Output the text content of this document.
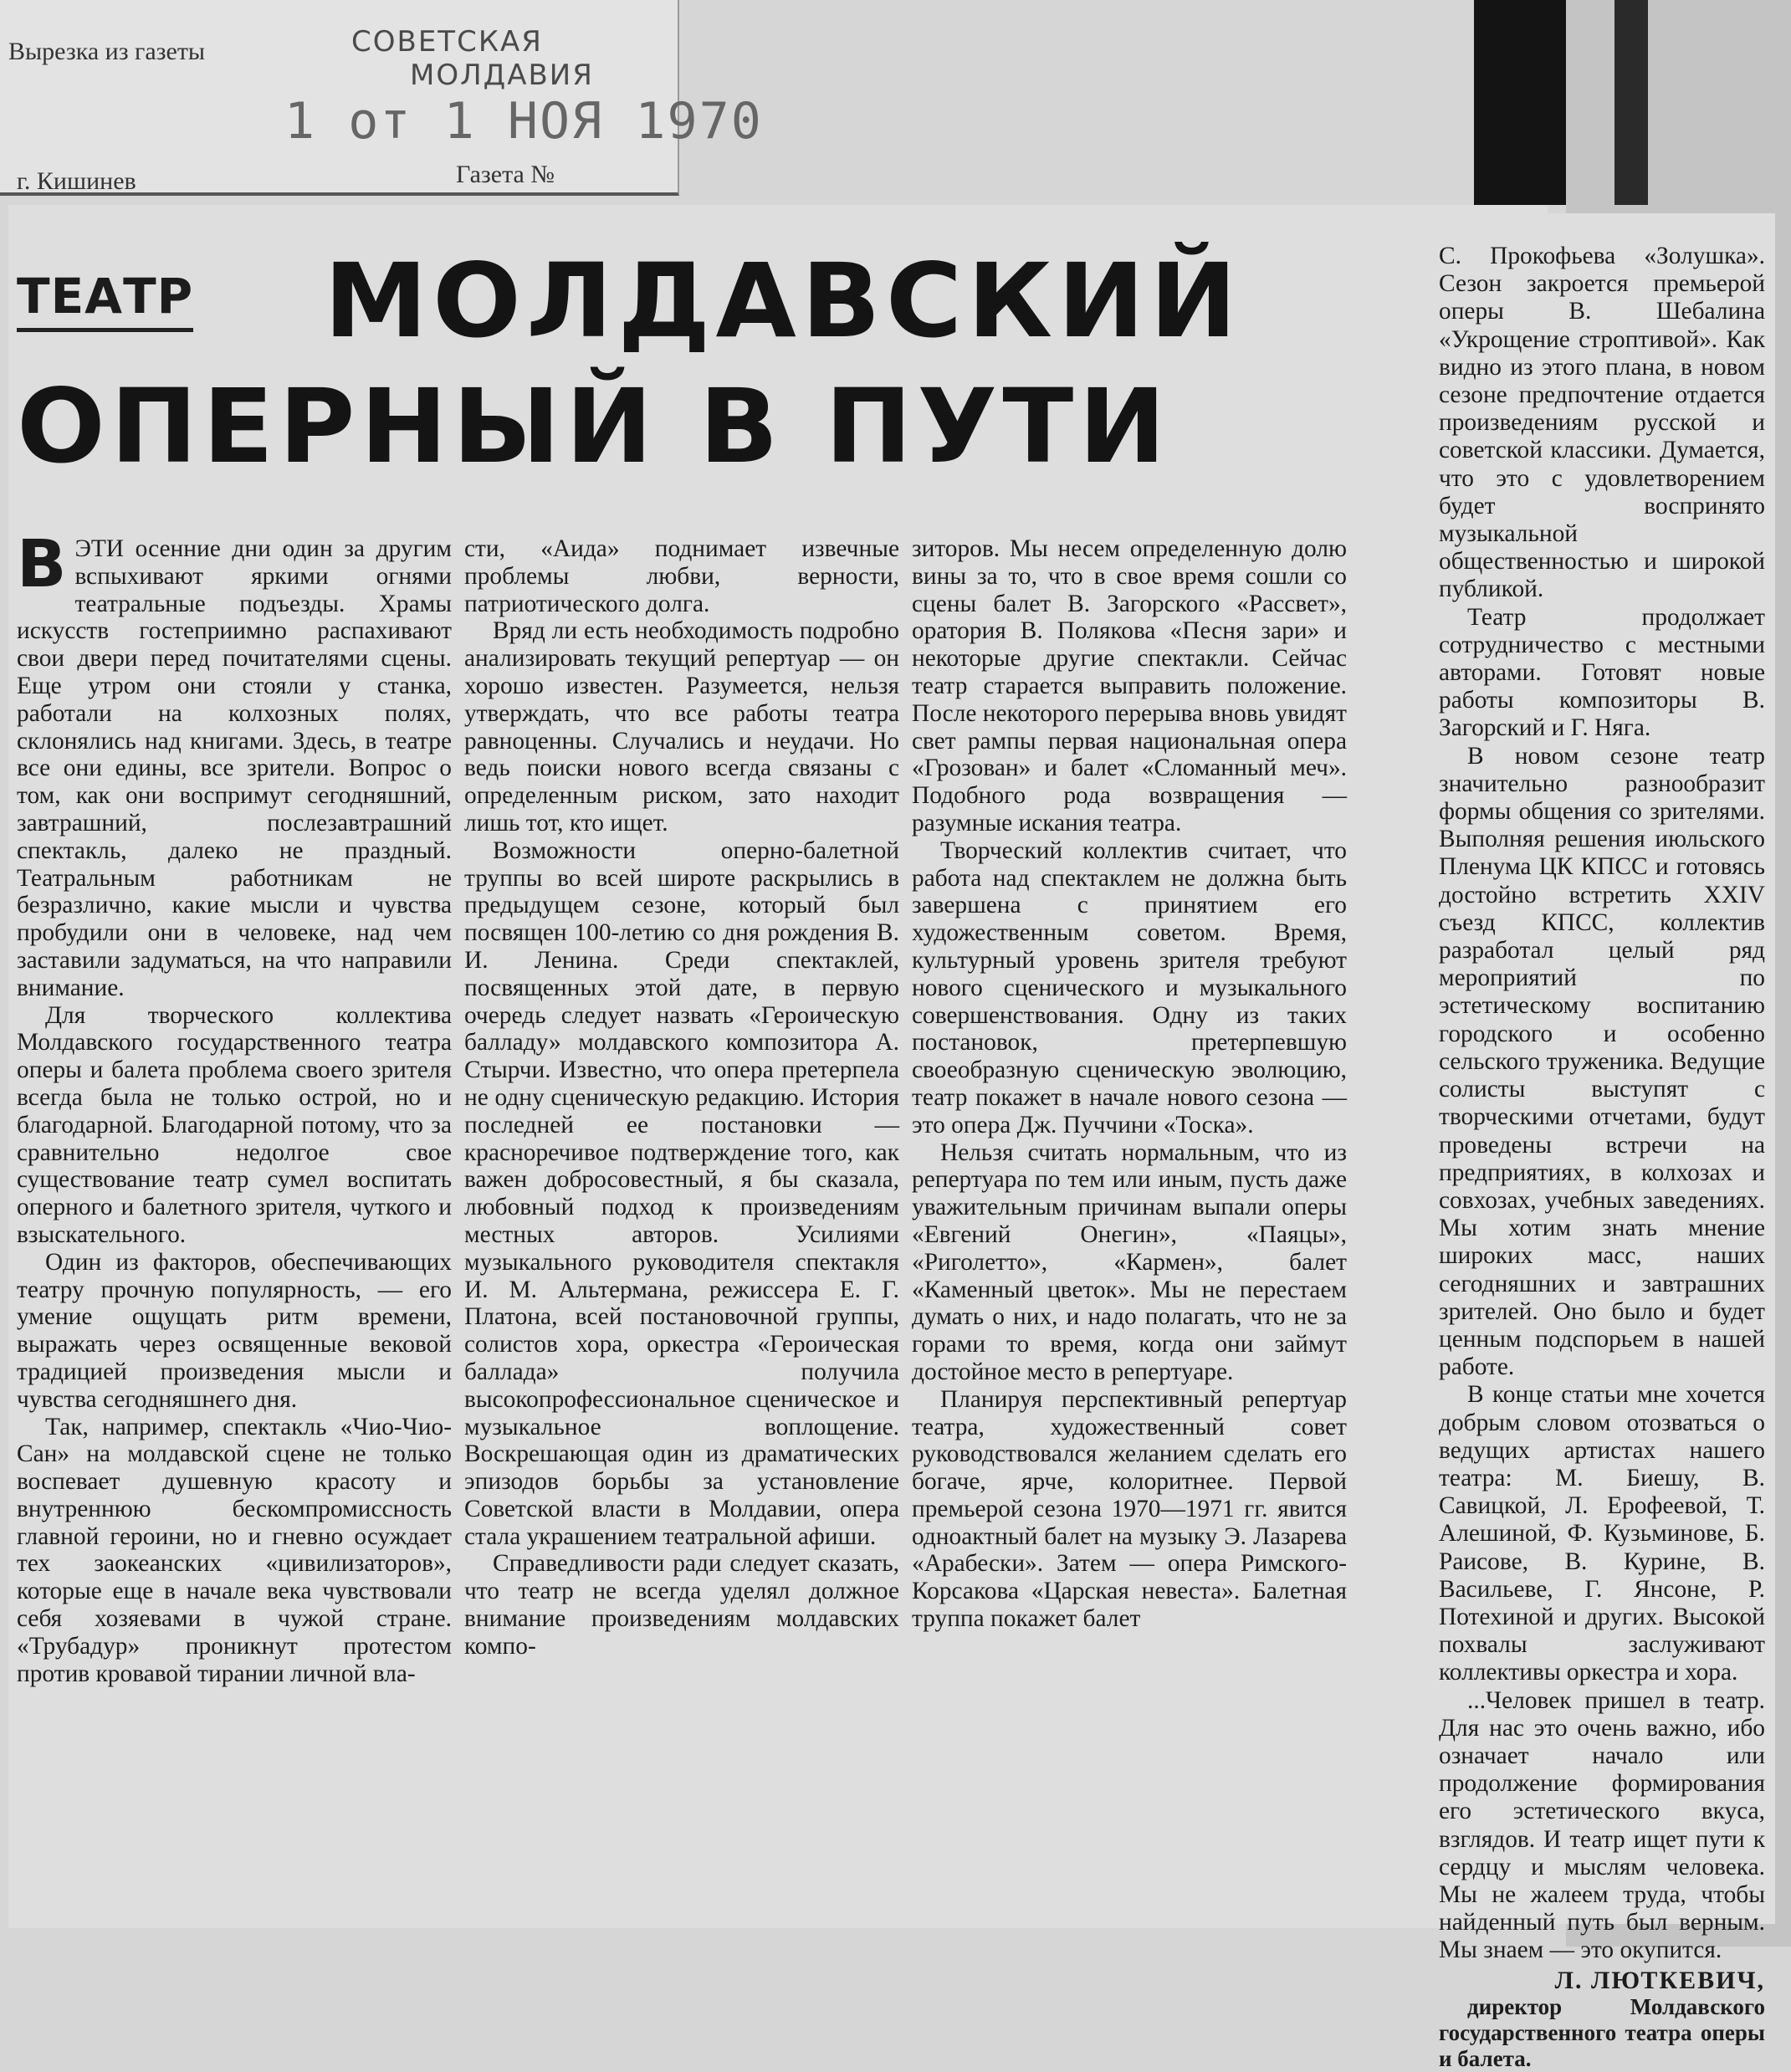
Вырезка из газеты	СОВЕТСКАЯ
МОЛДАВИЯ
1 от 1 НОЯ 1970
г. Кишинев	Газета №
ТЕАТР	МОЛДАВСКИЙ
ОПЕРНЫЙ В ПУТИ

ВЭТИ осенние дни один за другим вспыхивают яркими огнями театральные подъезды. Храмы искусств гостеприимно распахивают свои двери перед почитателями сцены. Еще утром они стояли у станка, работали на колхозных полях, склонялись над книгами. Здесь, в театре все они едины, все зрители. Вопрос о том, как они воспримут сегодняшний, завтрашний, послезавтрашний спектакль, далеко не праздный. Театральным работникам не безразлично, какие мысли и чувства пробудили они в человеке, над чем заставили задуматься, на что направили внимание.

Для творческого коллектива Молдавского государственного театра оперы и балета проблема своего зрителя всегда была не только острой, но и благодарной. Благодарной потому, что за сравнительно недолгое свое существование театр сумел воспитать оперного и балетного зрителя, чуткого и взыскательного.

Один из факторов, обеспечивающих театру прочную популярность, — его умение ощущать ритм времени, выражать через освященные вековой традицией произведения мысли и чувства сегодняшнего дня.

Так, например, спектакль «Чио-Чио-Сан» на молдавской сцене не только воспевает душевную красоту и внутреннюю бескомпромиссность главной героини, но и гневно осуждает тех заокеанских «цивилизаторов», которые еще в начале века чувствовали себя хозяевами в чужой стране. «Трубадур» проникнут протестом против кровавой тирании личной вла-

сти, «Аида» поднимает извечные проблемы любви, верности, патриотического долга.

Вряд ли есть необходимость подробно анализировать текущий репертуар — он хорошо известен. Разумеется, нельзя утверждать, что все работы театра равноценны. Случались и неудачи. Но ведь поиски нового всегда связаны с определенным риском, зато находит лишь тот, кто ищет.

Возможности оперно-балетной труппы во всей широте раскрылись в предыдущем сезоне, который был посвящен 100-летию со дня рождения В. И. Ленина. Среди спектаклей, посвященных этой дате, в первую очередь следует назвать «Героическую балладу» молдавского композитора А. Стырчи. Известно, что опера претерпела не одну сценическую редакцию. История последней ее постановки — красноречивое подтверждение того, как важен добросовестный, я бы сказала, любовный подход к произведениям местных авторов. Усилиями музыкального руководителя спектакля И. М. Альтермана, режиссера Е. Г. Платона, всей постановочной группы, солистов хора, оркестра «Героическая баллада» получила высокопрофессиональное сценическое и музыкальное воплощение. Воскрешающая один из драматических эпизодов борьбы за установление Советской власти в Молдавии, опера стала украшением театральной афиши.

Справедливости ради следует сказать, что театр не всегда уделял должное внимание произведениям молдавских компо-

зиторов. Мы несем определенную долю вины за то, что в свое время сошли со сцены балет В. Загорского «Рассвет», оратория В. Полякова «Песня зари» и некоторые другие спектакли. Сейчас театр старается выправить положение. После некоторого перерыва вновь увидят свет рампы первая национальная опера «Грозован» и балет «Сломанный меч». Подобного рода возвращения — разумные искания театра.

Творческий коллектив считает, что работа над спектаклем не должна быть завершена с принятием его художественным советом. Время, культурный уровень зрителя требуют нового сценического и музыкального совершенствования. Одну из таких постановок, претерпевшую своеобразную сценическую эволюцию, театр покажет в начале нового сезона — это опера Дж. Пуччини «Тоска».

Нельзя считать нормальным, что из репертуара по тем или иным, пусть даже уважительным причинам выпали оперы «Евгений Онегин», «Паяцы», «Риголетто», «Кармен», балет «Каменный цветок». Мы не перестаем думать о них, и надо полагать, что не за горами то время, когда они займут достойное место в репертуаре.

Планируя перспективный репертуар театра, художественный совет руководствовался желанием сделать его богаче, ярче, колоритнее. Первой премьерой сезона 1970—1971 гг. явится одноактный балет на музыку Э. Лазарева «Арабески». Затем — опера Римского-Корсакова «Царская невеста». Балетная труппа покажет балет

С. Прокофьева «Золушка». Сезон закроется премьерой оперы В. Шебалина «Укрощение строптивой». Как видно из этого плана, в новом сезоне предпочтение отдается произведениям русской и советской классики. Думается, что это с удовлетворением будет воспринято музыкальной общественностью и широкой публикой.

Театр продолжает сотрудничество с местными авторами. Готовят новые работы композиторы В. Загорский и Г. Няга.

В новом сезоне театр значительно разнообразит формы общения со зрителями. Выполняя решения июльского Пленума ЦК КПСС и готовясь достойно встретить XXIV съезд КПСС, коллектив разработал целый ряд мероприятий по эстетическому воспитанию городского и особенно сельского труженика. Ведущие солисты выступят с творческими отчетами, будут проведены встречи на предприятиях, в колхозах и совхозах, учебных заведениях. Мы хотим знать мнение широких масс, наших сегодняшних и завтрашних зрителей. Оно было и будет ценным подспорьем в нашей работе.

В конце статьи мне хочется добрым словом отозваться о ведущих артистах нашего театра: М. Биешу, В. Савицкой, Л. Ерофеевой, Т. Алешиной, Ф. Кузьминове, Б. Раисове, В. Курине, В. Васильеве, Г. Янсоне, Р. Потехиной и других. Высокой похвалы заслуживают коллективы оркестра и хора.

...Человек пришел в театр. Для нас это очень важно, ибо означает начало или продолжение формирования его эстетического вкуса, взглядов. И театр ищет пути к сердцу и мыслям человека. Мы не жалеем труда, чтобы найденный путь был верным. Мы знаем — это окупится.

Л. ЛЮТКЕВИЧ,

директор Молдавского государственного театра оперы и балета.
